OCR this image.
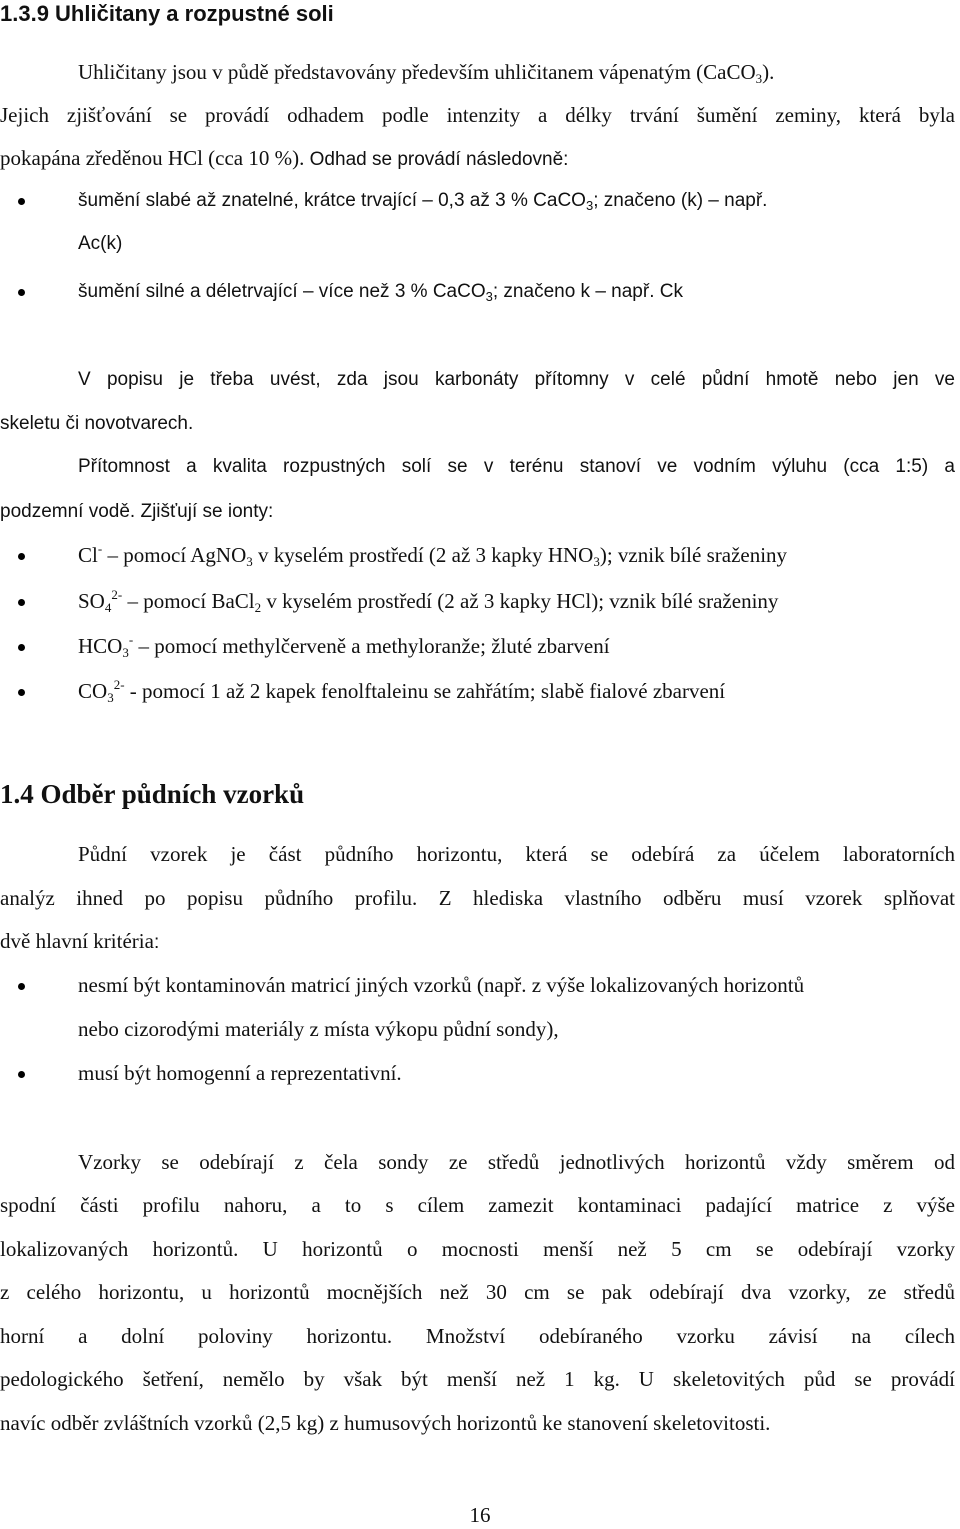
1.3.9 Uhličitany a rozpustné soli
Uhličitany jsou v půdě představovány především uhličitanem vápenatým (CaCO$_3$).
Jejich zjišťování se provádí odhadem podle intenzity a délky trvání šumění zeminy, která byla
pokapána zředěnou HCl (cca 10 %). Odhad se provádí následovně:
šumění slabé až znatelné, krátce trvající – 0,3 až 3 % CaCO$_3$; značeno (k) – např.
Ac(k)
šumění silné a déletrvající – více než 3 % CaCO$_3$; značeno k – např. Ck
V popisu je třeba uvést, zda jsou karbonáty přítomny v celé půdní hmotě nebo jen ve
skeletu či novotvarech.
Přítomnost a kvalita rozpustných solí se v terénu stanoví ve vodním výluhu (cca 1:5) a
podzemní vodě. Zjišťují se ionty:
Cl- – pomocí AgNO$_3$ v kyselém prostředí (2 až 3 kapky $HNO_3$); vznik bílé sraženiny
$SO_4^{2-}$ – pomocí BaCl$_2$ v kyselém prostředí (2 až 3 kapky HCl); vznik bílé sraženiny
$HCO_3^-$ – pomocí methylčerveně a methyloranže; žluté zbarvení
$CO_3^{2-}$ - pomocí 1 až 2 kapek fenolftaleinu se zahřátím; slabě fialové zbarvení
1.4 Odběr půdních vzorků
Půdní vzorek je část půdního horizontu, která se odebírá za účelem laboratorních
analýz ihned po popisu půdního profilu. Z hlediska vlastního odběru musí vzorek splňovat
dvě hlavní kritéria:
nesmí být kontaminován matricí jiných vzorků (např. z výše lokalizovaných horizontů
nebo cizorodými materiály z místa výkopu půdní sondy),
musí být homogenní a reprezentativní.
Vzorky se odebírají z čela sondy ze středů jednotlivých horizontů vždy směrem od
spodní části profilu nahoru, a to s cílem zamezit kontaminaci padající matrice z výše
lokalizovaných horizontů. U horizontů o mocnosti menší než 5 cm se odebírají vzorky
z celého horizontu, u horizontů mocnějších než 30 cm se pak odebírají dva vzorky, ze středů
horní a dolní poloviny horizontu. Množství odebíraného vzorku závisí na cílech
pedologického šetření, nemělo by však být menší než 1 kg. U skeletovitých půd se provádí
navíc odběr zvláštních vzorků (2,5 kg) z humusových horizontů ke stanovení skeletovitosti.
16
